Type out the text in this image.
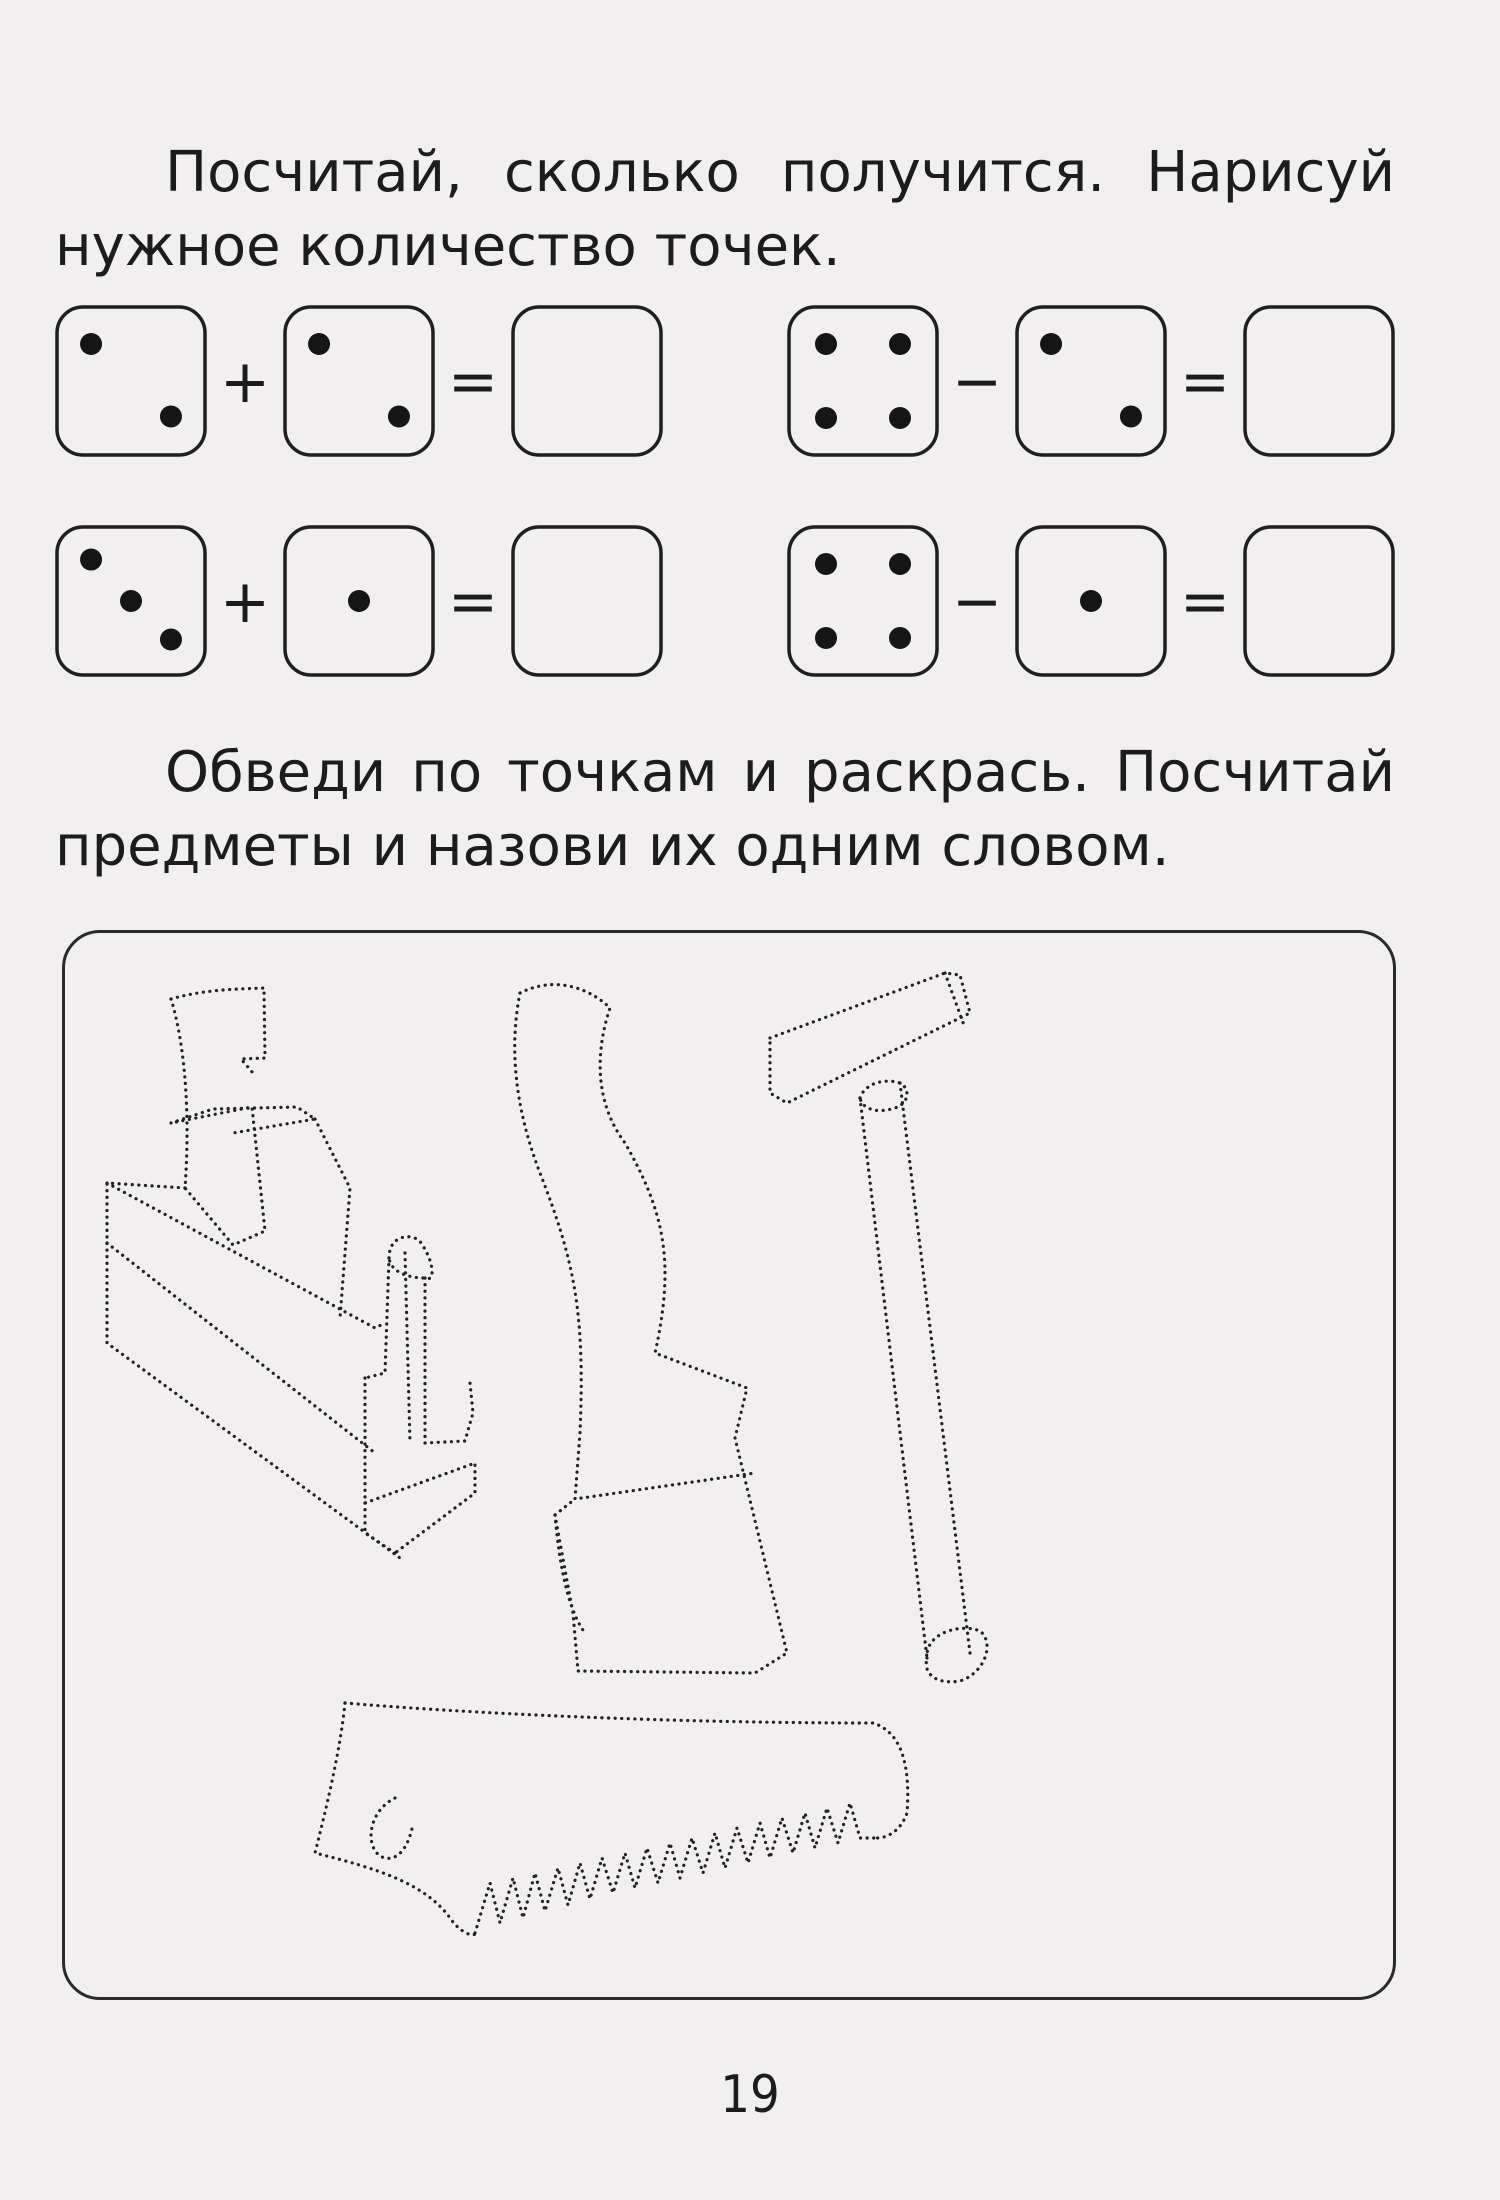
Посчитай, сколько получится. Нарисуй нужное количество точек.

+	=	−	=
+	=	−	=

Обведи по точкам и раскрась. Посчитай предметы и назови их одним словом.

19
